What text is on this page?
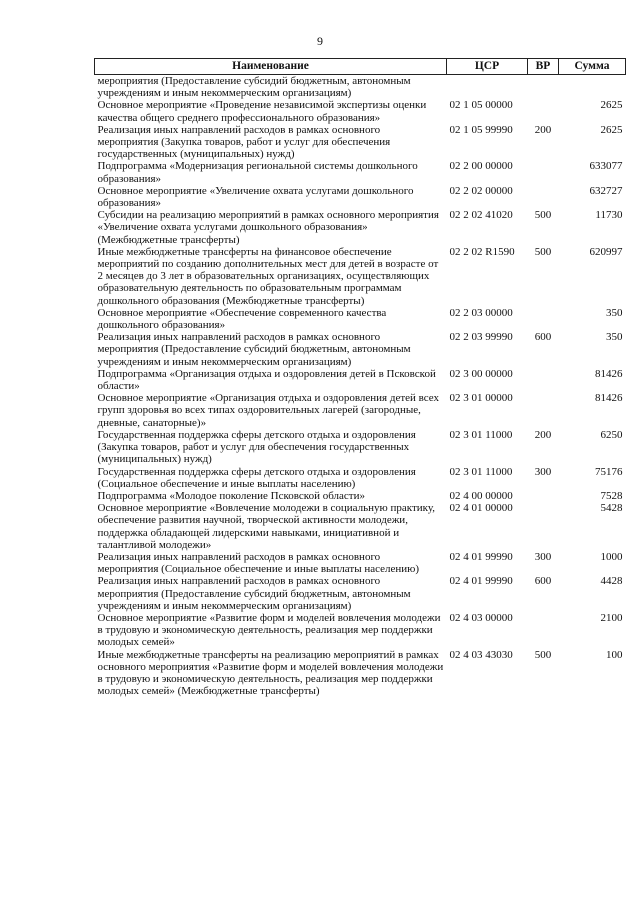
9
Наименование	ЦСР	ВР	Сумма
мероприятия (Предоставление субсидий бюджетным, автономным учреждениям и иным некоммерческим организациям)			
Основное мероприятие «Проведение независимой экспертизы оценки качества общего среднего профессионального образования»	02 1 05 00000		2625
Реализация иных направлений расходов в рамках основного мероприятия (Закупка товаров, работ и услуг для обеспечения государственных (муниципальных) нужд)	02 1 05 99990	200	2625
Подпрограмма «Модернизация региональной системы дошкольного образования»	02 2 00 00000		633077
Основное мероприятие «Увеличение охвата услугами дошкольного образования»	02 2 02 00000		632727
Субсидии на реализацию мероприятий в рамках основного мероприятия «Увеличение охвата услугами дошкольного образования» (Межбюджетные трансферты)	02 2 02 41020	500	11730
Иные межбюджетные трансферты на финансовое обеспечение мероприятий по созданию дополнительных мест для детей в возрасте от 2 месяцев до 3 лет в образовательных организациях, осуществляющих образовательную деятельность по образовательным программам дошкольного образования (Межбюджетные трансферты)	02 2 02 R1590	500	620997
Основное мероприятие «Обеспечение современного качества дошкольного образования»	02 2 03 00000		350
Реализация иных направлений расходов в рамках основного мероприятия (Предоставление субсидий бюджетным, автономным учреждениям и иным некоммерческим организациям)	02 2 03 99990	600	350
Подпрограмма «Организация отдыха и оздоровления детей в Псковской области»	02 3 00 00000		81426
Основное мероприятие «Организация отдыха и оздоровления детей всех групп здоровья во всех типах оздоровительных лагерей (загородные, дневные, санаторные)»	02 3 01 00000		81426
Государственная поддержка сферы детского отдыха и оздоровления (Закупка товаров, работ и услуг для обеспечения государственных (муниципальных) нужд)	02 3 01 11000	200	6250
Государственная поддержка сферы детского отдыха и оздоровления (Социальное обеспечение и иные выплаты населению)	02 3 01 11000	300	75176
Подпрограмма «Молодое поколение Псковской области»	02 4 00 00000		7528
Основное мероприятие «Вовлечение молодежи в социальную практику, обеспечение развития научной, творческой активности молодежи, поддержка обладающей лидерскими навыками, инициативной и талантливой молодежи»	02 4 01 00000		5428
Реализация иных направлений расходов в рамках основного мероприятия (Социальное обеспечение и иные выплаты населению)	02 4 01 99990	300	1000
Реализация иных направлений расходов в рамках основного мероприятия (Предоставление субсидий бюджетным, автономным учреждениям и иным некоммерческим организациям)	02 4 01 99990	600	4428
Основное мероприятие «Развитие форм и моделей вовлечения молодежи в трудовую и экономическую деятельность, реализация мер поддержки молодых семей»	02 4 03 00000		2100
Иные межбюджетные трансферты на реализацию мероприятий в рамках основного мероприятия «Развитие форм и моделей вовлечения молодежи в трудовую и экономическую деятельность, реализация мер поддержки молодых семей» (Межбюджетные трансферты)	02 4 03 43030	500	100
